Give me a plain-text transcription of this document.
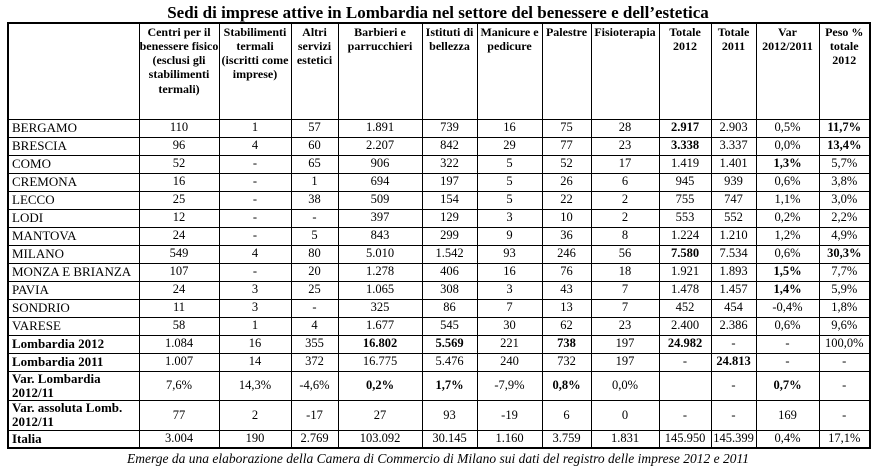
Sedi di imprese attive in Lombardia nel settore del benessere e dell’estetica
	Centri per il benessere fisico (esclusi gli stabilimenti termali)	Stabilimenti termali (iscritti come imprese)	Altri servizi estetici	Barbieri e parrucchieri	Istituti di bellezza	Manicure e pedicure	Palestre	Fisioterapia	Totale 2012	Totale 2011	Var 2012/2011	Peso % totale 2012
BERGAMO	110	1	57	1.891	739	16	75	28	2.917	2.903	0,5%	11,7%
BRESCIA	96	4	60	2.207	842	29	77	23	3.338	3.337	0,0%	13,4%
COMO	52	-	65	906	322	5	52	17	1.419	1.401	1,3%	5,7%
CREMONA	16	-	1	694	197	5	26	6	945	939	0,6%	3,8%
LECCO	25	-	38	509	154	5	22	2	755	747	1,1%	3,0%
LODI	12	-	-	397	129	3	10	2	553	552	0,2%	2,2%
MANTOVA	24	-	5	843	299	9	36	8	1.224	1.210	1,2%	4,9%
MILANO	549	4	80	5.010	1.542	93	246	56	7.580	7.534	0,6%	30,3%
MONZA E BRIANZA	107	-	20	1.278	406	16	76	18	1.921	1.893	1,5%	7,7%
PAVIA	24	3	25	1.065	308	3	43	7	1.478	1.457	1,4%	5,9%
SONDRIO	11	3	-	325	86	7	13	7	452	454	-0,4%	1,8%
VARESE	58	1	4	1.677	545	30	62	23	2.400	2.386	0,6%	9,6%
Lombardia 2012	1.084	16	355	16.802	5.569	221	738	197	24.982	-	-	100,0%
Lombardia 2011	1.007	14	372	16.775	5.476	240	732	197	-	24.813	-	-
Var. Lombardia 2012/11	7,6%	14,3%	-4,6%	0,2%	1,7%	-7,9%	0,8%	0,0%		-	0,7%	-
Var. assoluta Lomb. 2012/11	77	2	-17	27	93	-19	6	0	-	-	169	-
Italia	3.004	190	2.769	103.092	30.145	1.160	3.759	1.831	145.950	145.399	0,4%	17,1%
Emerge da una elaborazione della Camera di Commercio di Milano sui dati del registro delle imprese 2012 e 2011
